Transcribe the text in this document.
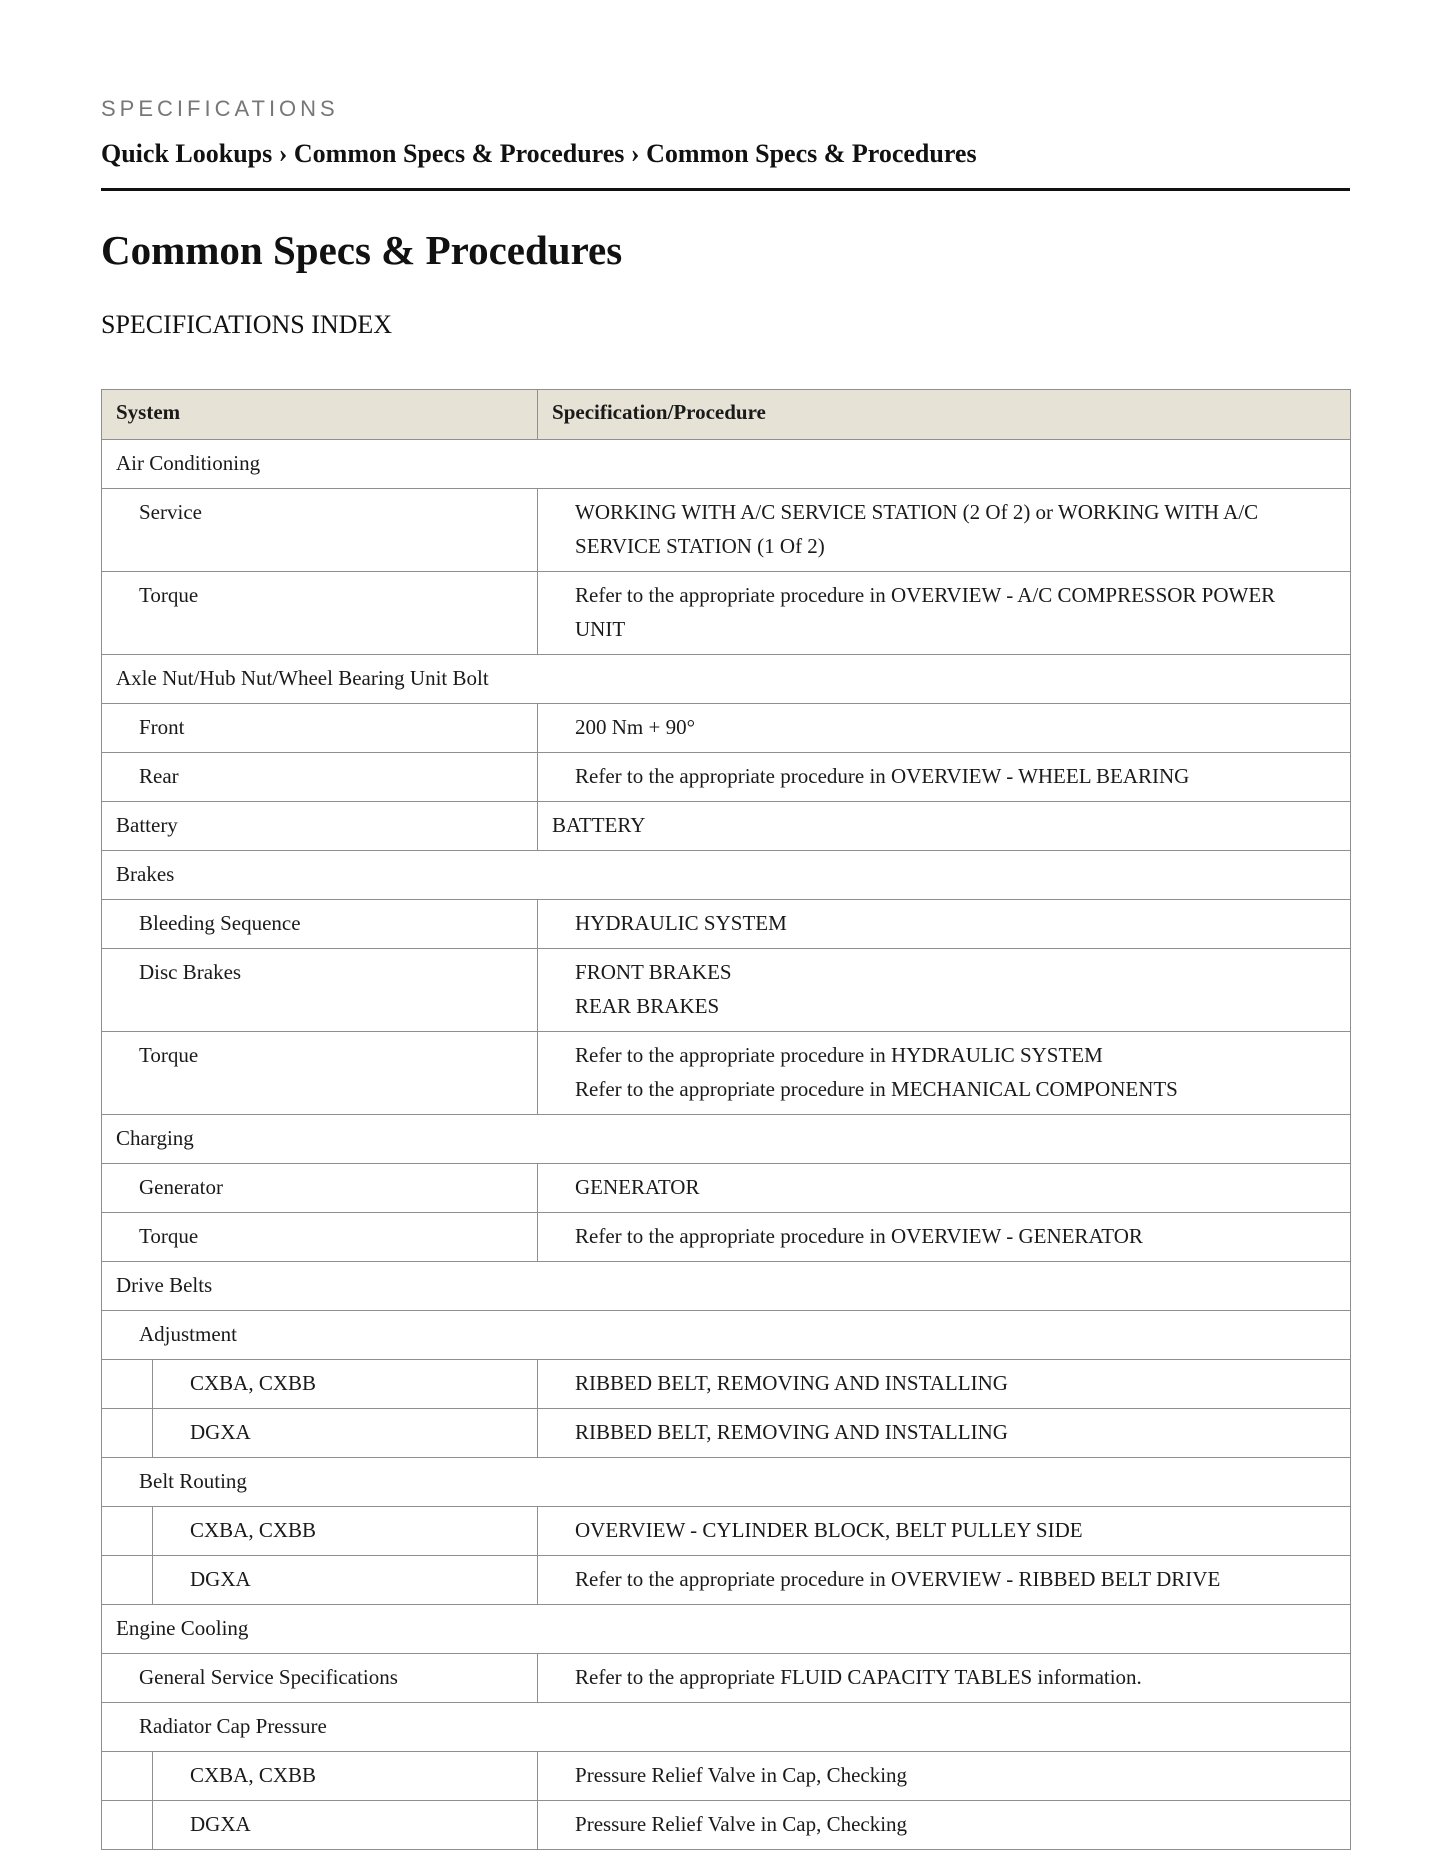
SPECIFICATIONS
Quick Lookups › Common Specs & Procedures › Common Specs & Procedures
Common Specs & Procedures
SPECIFICATIONS INDEX
System		Specification/Procedure
Air Conditioning		
Service		WORKING WITH A/C SERVICE STATION (2 Of 2) or WORKING WITH A/C SERVICE STATION (1 Of 2)

Torque		Refer to the appropriate procedure in OVERVIEW - A/C COMPRESSOR POWER UNIT

Axle Nut/Hub Nut/Wheel Bearing Unit Bolt		
Front		200 Nm + 90°

Rear		Refer to the appropriate procedure in OVERVIEW - WHEEL BEARING

Battery		BATTERY

Brakes		
Bleeding Sequence		HYDRAULIC SYSTEM

Disc Brakes		FRONT BRAKES
REAR BRAKES

Torque		Refer to the appropriate procedure in HYDRAULIC SYSTEM
Refer to the appropriate procedure in MECHANICAL COMPONENTS

Charging		
Generator		GENERATOR

Torque		Refer to the appropriate procedure in OVERVIEW - GENERATOR

Drive Belts		
Adjustment		
	CXBA, CXBB	RIBBED BELT, REMOVING AND INSTALLING

	DGXA	RIBBED BELT, REMOVING AND INSTALLING

Belt Routing		
	CXBA, CXBB	OVERVIEW - CYLINDER BLOCK, BELT PULLEY SIDE

	DGXA	Refer to the appropriate procedure in OVERVIEW - RIBBED BELT DRIVE

Engine Cooling		
General Service Specifications		Refer to the appropriate FLUID CAPACITY TABLES information.

Radiator Cap Pressure		
	CXBA, CXBB	Pressure Relief Valve in Cap, Checking

	DGXA	Pressure Relief Valve in Cap, Checking
